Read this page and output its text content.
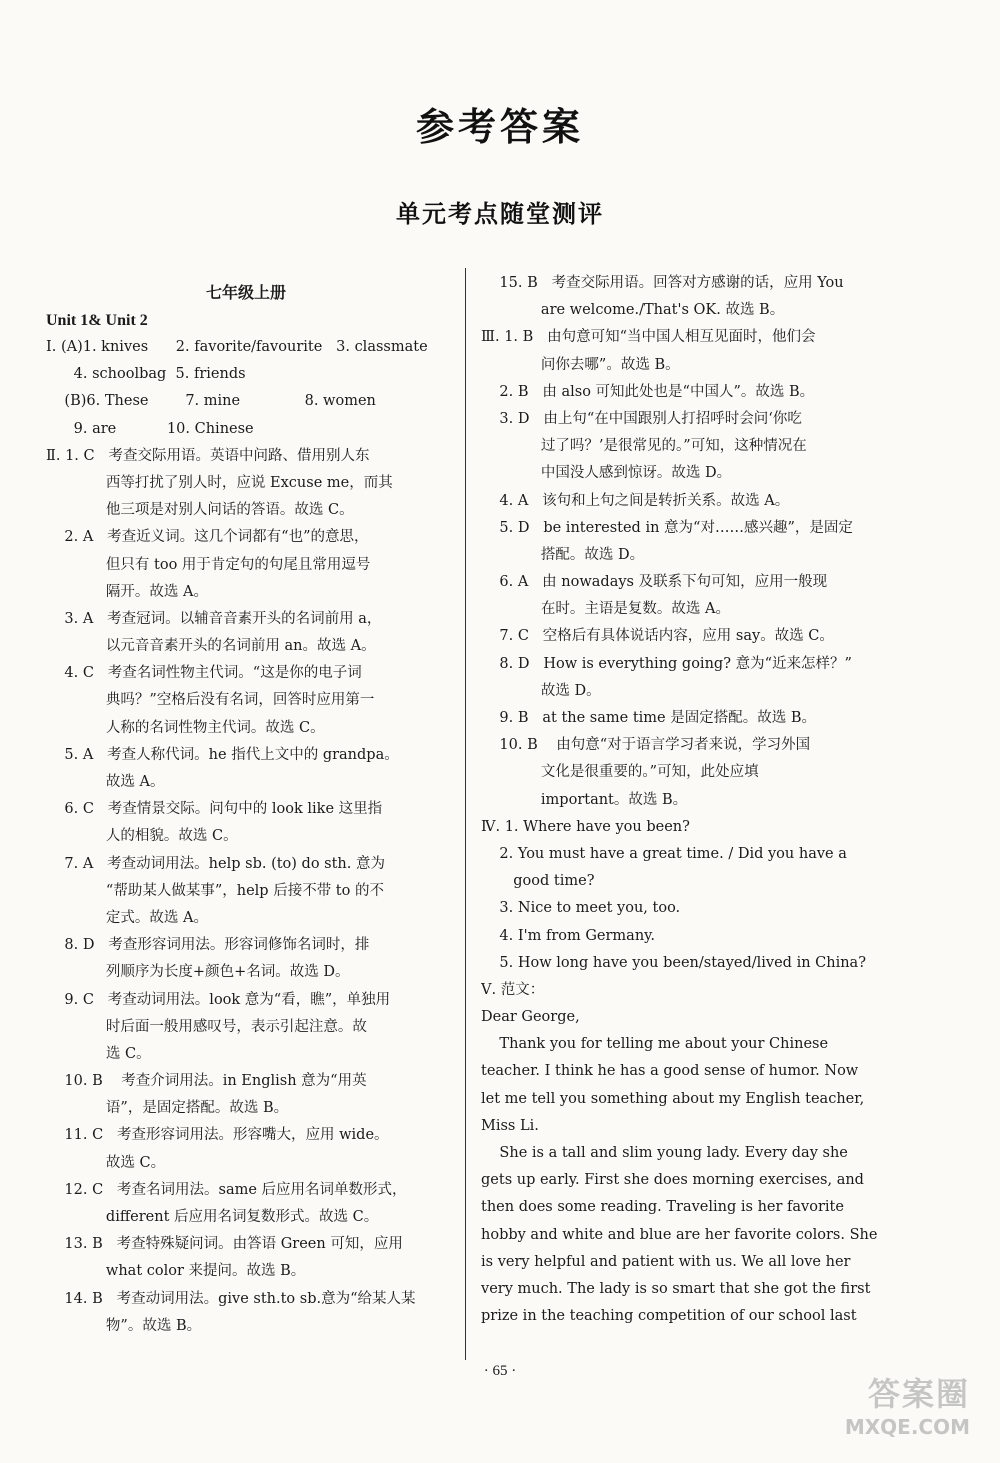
参考答案
单元考点随堂测评
七年级上册
Unit 1& Unit 2
Ⅰ. (A)1. knives      2. favorite/favourite   3. classmate
4. schoolbag  5. friends
(B)6. These        7. mine              8. women
9. are           10. Chinese
Ⅱ. 1. C   考查交际用语。英语中问路、借用别人东
西等打扰了别人时，应说 Excuse me，而其
他三项是对别人问话的答语。故选 C。
2. A   考查近义词。这几个词都有“也”的意思，
但只有 too 用于肯定句的句尾且常用逗号
隔开。故选 A。
3. A   考查冠词。以辅音音素开头的名词前用 a，
以元音音素开头的名词前用 an。故选 A。
4. C   考查名词性物主代词。“这是你的电子词
典吗？”空格后没有名词，回答时应用第一
人称的名词性物主代词。故选 C。
5. A   考查人称代词。he 指代上文中的 grandpa。
故选 A。
6. C   考查情景交际。问句中的 look like 这里指
人的相貌。故选 C。
7. A   考查动词用法。help sb. (to) do sth. 意为
“帮助某人做某事”，help 后接不带 to 的不
定式。故选 A。
8. D   考查形容词用法。形容词修饰名词时，排
列顺序为长度+颜色+名词。故选 D。
9. C   考查动词用法。look 意为“看，瞧”，单独用
时后面一般用感叹号，表示引起注意。故
选 C。
10. B    考查介词用法。in English 意为“用英
语”，是固定搭配。故选 B。
11. C   考查形容词用法。形容嘴大，应用 wide。
故选 C。
12. C   考查名词用法。same 后应用名词单数形式，
different 后应用名词复数形式。故选 C。
13. B   考查特殊疑问词。由答语 Green 可知，应用
what color 来提问。故选 B。
14. B   考查动词用法。give sth.to sb.意为“给某人某
物”。故选 B。
15. B   考查交际用语。回答对方感谢的话，应用 You
are welcome./That's OK. 故选 B。
Ⅲ. 1. B   由句意可知“当中国人相互见面时，他们会
问你去哪”。故选 B。
2. B   由 also 可知此处也是“中国人”。故选 B。
3. D   由上句“在中国跟别人打招呼时会问‘你吃
过了吗？’是很常见的。”可知，这种情况在
中国没人感到惊讶。故选 D。
4. A   该句和上句之间是转折关系。故选 A。
5. D   be interested in 意为“对……感兴趣”，是固定
搭配。故选 D。
6. A   由 nowadays 及联系下句可知，应用一般现
在时。主语是复数。故选 A。
7. C   空格后有具体说话内容，应用 say。故选 C。
8. D   How is everything going? 意为“近来怎样？”
故选 D。
9. B   at the same time 是固定搭配。故选 B。
10. B    由句意“对于语言学习者来说，学习外国
文化是很重要的。”可知，此处应填
important。故选 B。
Ⅳ. 1. Where have you been?
2. You must have a great time. / Did you have a
good time?
3. Nice to meet you, too.
4. I'm from Germany.
5. How long have you been/stayed/lived in China?
Ⅴ. 范文：
Dear George,
Thank you for telling me about your Chinese
teacher. I think he has a good sense of humor. Now
let me tell you something about my English teacher,
Miss Li.
She is a tall and slim young lady. Every day she
gets up early. First she does morning exercises, and
then does some reading. Traveling is her favorite
hobby and white and blue are her favorite colors. She
is very helpful and patient with us. We all love her
very much. The lady is so smart that she got the first
prize in the teaching competition of our school last
· 65 ·
答案圈
MXQE.COM
